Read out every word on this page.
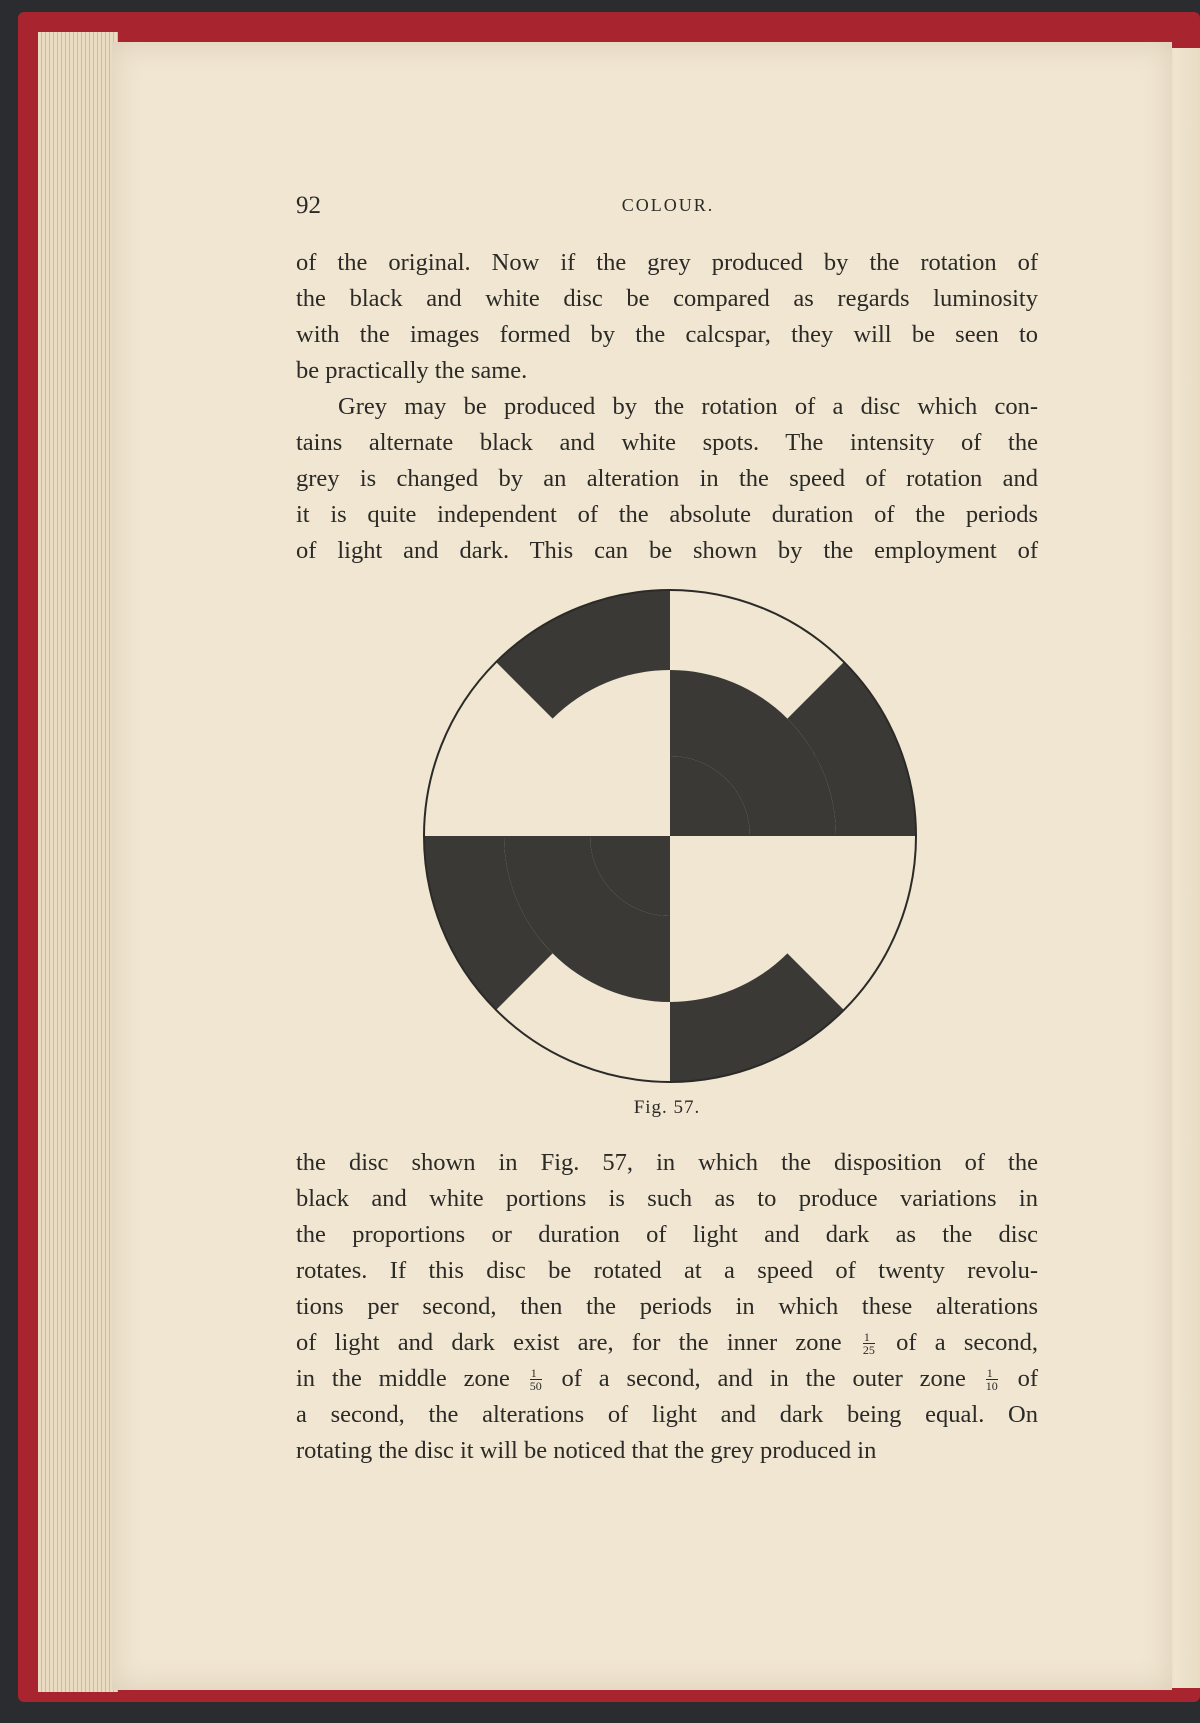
92	COLOUR.

of the original. Now if the grey produced by the rotation of
the black and white disc be compared as regards luminosity
with the images formed by the calcspar, they will be seen to
be practically the same.

Grey may be produced by the rotation of a disc which con-
tains alternate black and white spots. The intensity of the
grey is changed by an alteration in the speed of rotation and
it is quite independent of the absolute duration of the periods
of light and dark. This can be shown by the employment of

Fig. 57.

the disc shown in Fig. 57, in which the disposition of the
black and white portions is such as to produce variations in
the proportions or duration of light and dark as the disc
rotates. If this disc be rotated at a speed of twenty revolu-
tions per second, then the periods in which these alterations
of light and dark exist are, for the inner zone $\frac{1}{25}$ of a second,
in the middle zone $\frac{1}{50}$ of a second, and in the outer zone $\frac{1}{10}$ of
a second, the alterations of light and dark being equal. On
rotating the disc it will be noticed that the grey produced in
